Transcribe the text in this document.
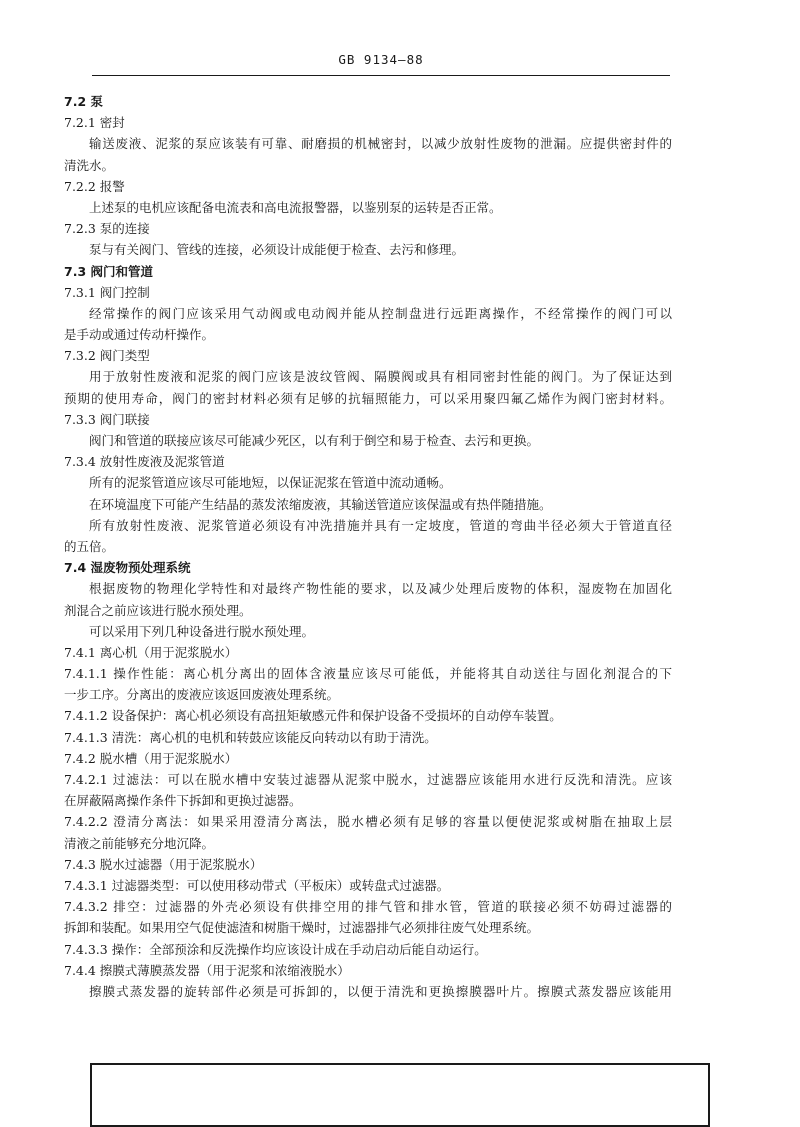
GB 9134—88
7.2 泵
7.2.1 密封
输送废液、泥浆的泵应该装有可靠、耐磨损的机械密封，以减少放射性废物的泄漏。应提供密封件的
清洗水。
7.2.2 报警
上述泵的电机应该配备电流表和高电流报警器，以鉴别泵的运转是否正常。
7.2.3 泵的连接
泵与有关阀门、管线的连接，必须设计成能便于检查、去污和修理。
7.3 阀门和管道
7.3.1 阀门控制
经常操作的阀门应该采用气动阀或电动阀并能从控制盘进行远距离操作，不经常操作的阀门可以
是手动或通过传动杆操作。
7.3.2 阀门类型
用于放射性废液和泥浆的阀门应该是波纹管阀、隔膜阀或具有相同密封性能的阀门。为了保证达到
预期的使用寿命，阀门的密封材料必须有足够的抗辐照能力，可以采用聚四氟乙烯作为阀门密封材料。
7.3.3 阀门联接
阀门和管道的联接应该尽可能减少死区，以有利于倒空和易于检查、去污和更换。
7.3.4 放射性废液及泥浆管道
所有的泥浆管道应该尽可能地短，以保证泥浆在管道中流动通畅。
在环境温度下可能产生结晶的蒸发浓缩废液，其输送管道应该保温或有热伴随措施。
所有放射性废液、泥浆管道必须设有冲洗措施并具有一定坡度，管道的弯曲半径必须大于管道直径
的五倍。
7.4 湿废物预处理系统
根据废物的物理化学特性和对最终产物性能的要求，以及减少处理后废物的体积，湿废物在加固化
剂混合之前应该进行脱水预处理。
可以采用下列几种设备进行脱水预处理。
7.4.1 离心机（用于泥浆脱水）
7.4.1.1 操作性能：离心机分离出的固体含液量应该尽可能低，并能将其自动送往与固化剂混合的下
一步工序。分离出的废液应该返回废液处理系统。
7.4.1.2 设备保护：离心机必须设有高扭矩敏感元件和保护设备不受损坏的自动停车装置。
7.4.1.3 清洗：离心机的电机和转鼓应该能反向转动以有助于清洗。
7.4.2 脱水槽（用于泥浆脱水）
7.4.2.1 过滤法：可以在脱水槽中安装过滤器从泥浆中脱水，过滤器应该能用水进行反洗和清洗。应该
在屏蔽隔离操作条件下拆卸和更换过滤器。
7.4.2.2 澄清分离法：如果采用澄清分离法，脱水槽必须有足够的容量以便使泥浆或树脂在抽取上层
清液之前能够充分地沉降。
7.4.3 脱水过滤器（用于泥浆脱水）
7.4.3.1 过滤器类型：可以使用移动带式（平板床）或转盘式过滤器。
7.4.3.2 排空：过滤器的外壳必须设有供排空用的排气管和排水管，管道的联接必须不妨碍过滤器的
拆卸和装配。如果用空气促使滤渣和树脂干燥时，过滤器排气必须排往废气处理系统。
7.4.3.3 操作：全部预涂和反洗操作均应该设计成在手动启动后能自动运行。
7.4.4 擦膜式薄膜蒸发器（用于泥浆和浓缩液脱水）
擦膜式蒸发器的旋转部件必须是可拆卸的，以便于清洗和更换擦膜器叶片。擦膜式蒸发器应该能用
